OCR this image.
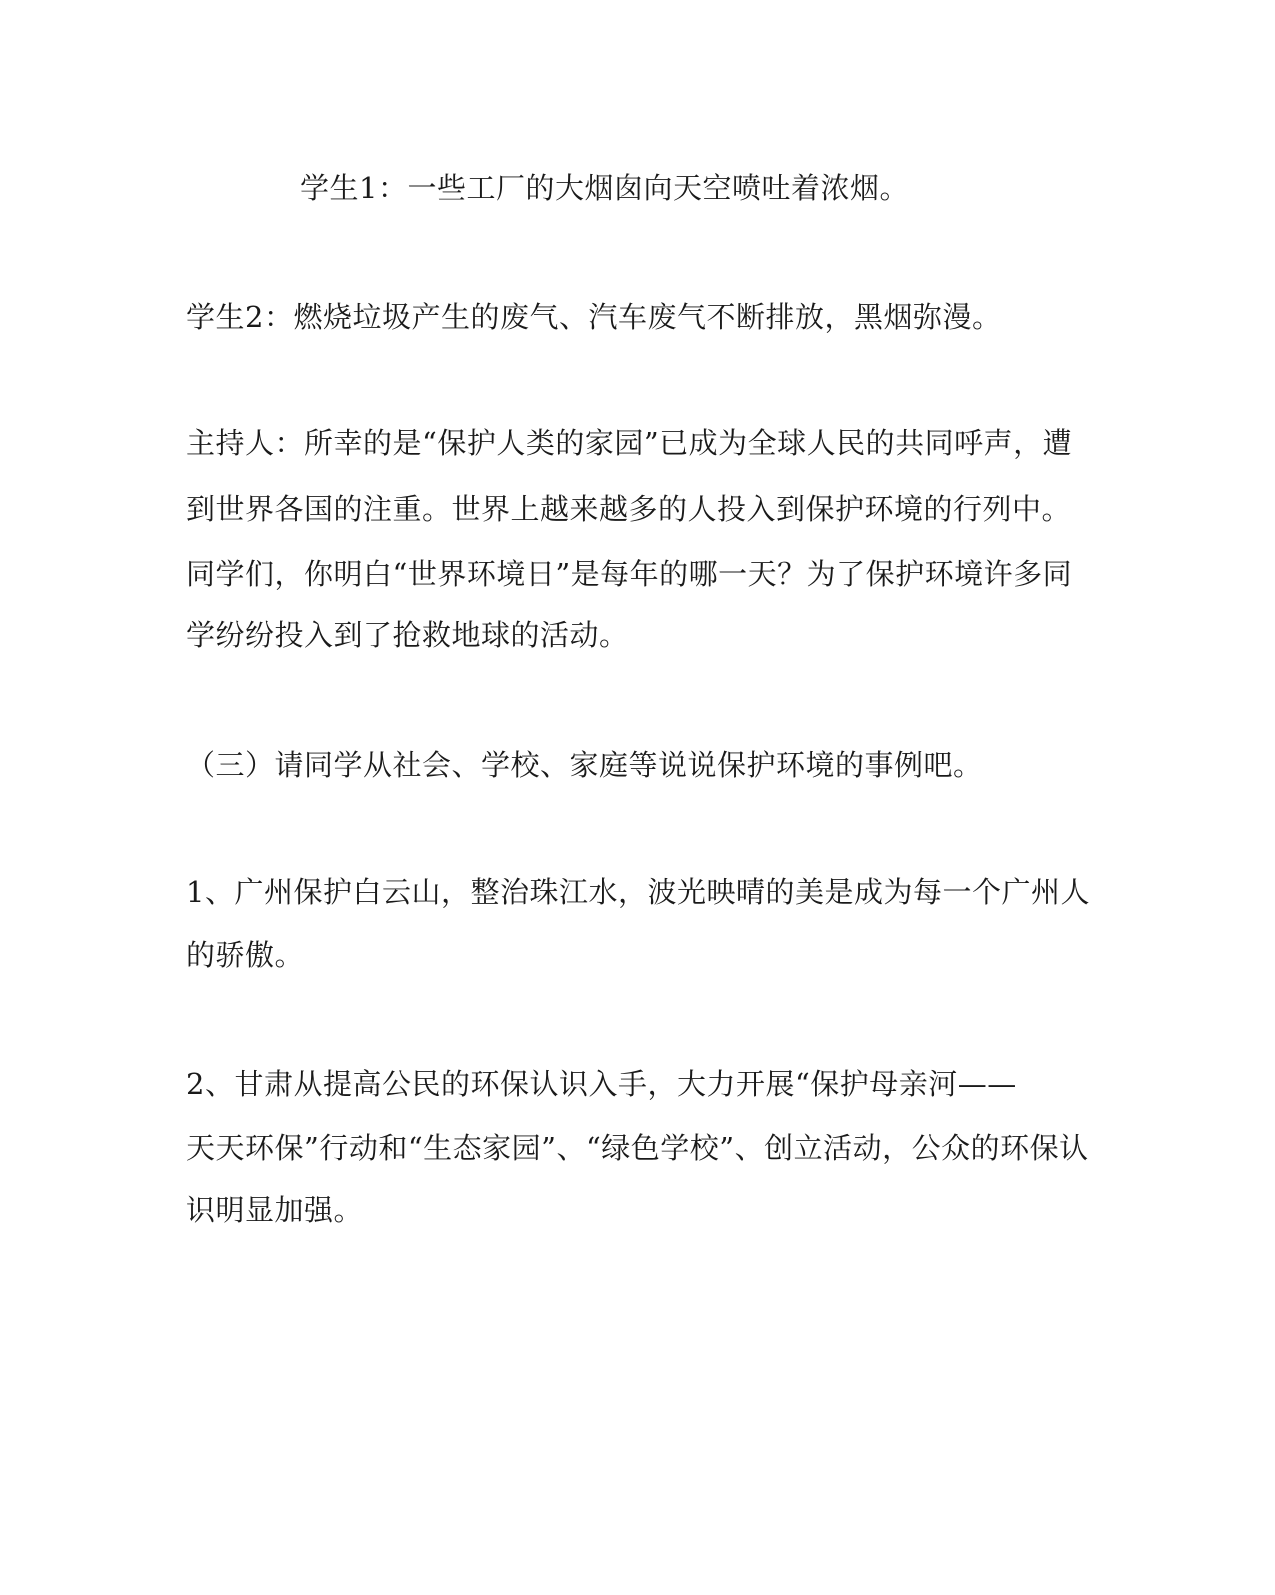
学生1：一些工厂的大烟囱向天空喷吐着浓烟。
学生2：燃烧垃圾产生的废气、汽车废气不断排放，黑烟弥漫。
主持人：所幸的是“保护人类的家园”已成为全球人民的共同呼声，遭
到世界各国的注重。世界上越来越多的人投入到保护环境的行列中。
同学们，你明白“世界环境日”是每年的哪一天？为了保护环境许多同
学纷纷投入到了抢救地球的活动。
（三）请同学从社会、学校、家庭等说说保护环境的事例吧。
1、广州保护白云山，整治珠江水，波光映晴的美是成为每一个广州人
的骄傲。
2、甘肃从提高公民的环保认识入手，大力开展“保护母亲河——
天天环保”行动和“生态家园”、“绿色学校”、创立活动，公众的环保认
识明显加强。
